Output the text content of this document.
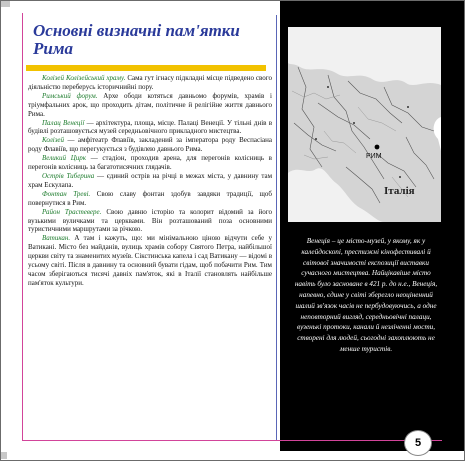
Основні визначні пам'ятки Рима

Колізей Колізейський храму. Сама гут ігнасу підкладні місце підведено свого діяльністю переберусь історичнийні пору.

Римський форум. Архе ободи котяться давньомо форумів, храмів і тріумфальних арок, що проходить дітам, політичне й релігійне життя давнього Рима.

Палац Венеції — архітектура, площа, місце. Палаці Венеції. У тільні днів в будівлі розташовується музей середньовічного прикладного мистецтва.

Колізей — амфітеатр Флавіїв, закладений за імператора роду Веспасіана роду Флавіїв, що перегукується з будівлею давнього Рима.

Великий Цирк — стадіон, проходив арена, для перегонів колісниць в перегонів колісниць за багатотисячних глядачів.

Острів Тиберина — єдиний острів на річці в межах міста, у давнину там храм Ескулапа.

Фонтан Треві. Свою славу фонтан здобув завдяки традиції, щоб повернутися в Рим.

Район Трастевере. Свою давню історію та колорит відомий за його вузькими вуличками та церквами. Він розташований поза основними туристичними маршрутами за річкою.

Ватикан. А там і кажуть, що: ми мінімальною ціною відчути себе у Ватикані. Місто без майданів, вулиць храмів собору Святого Петра, найбільшої церкви світу та знаменитих музеїв. Сікстинська капела і сад Ватикану — відомі в усьому світі. Після в давнину та основний бувати гідам, щоб побачити Рим. Тим часом зберігаються тисячі давніх пам'яток, які в Італії становлять найбільше пам'яток культури.

РИМ
Італія

Венеція – це місто-музей, у якому, як у калейдоскопі, престижні кінофестивалі й світової значимості експозиції виставки сучасного мистецтва. Найцікавіше місто навіть було засноване в 421 р. до н.е., Венеція, напевно, єдине у світі зберегло неоціненний шалий зв'язок часів не пербудовуючись, а одне неповторний вигляд, середньовічні палаци, вузенькі протоки, канали й незліченні мости, створені для людей, сьогодні захоплюють не менше туристів.

5
